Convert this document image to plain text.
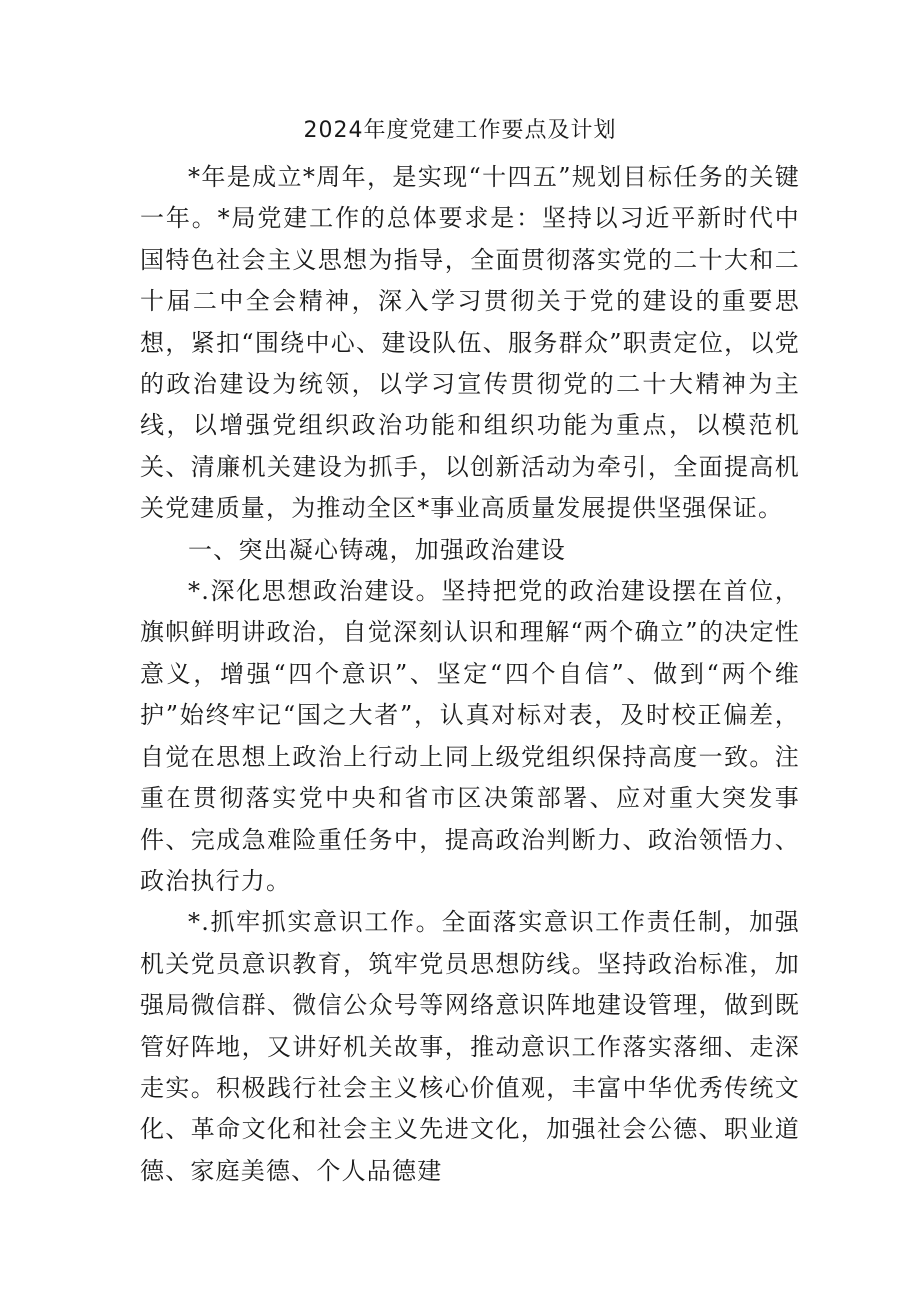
2024年度党建工作要点及计划

*年是成立*周年，是实现“十四五”规划目标任务的关键一年。*局党建工作的总体要求是：坚持以习近平新时代中国特色社会主义思想为指导，全面贯彻落实党的二十大和二十届二中全会精神，深入学习贯彻关于党的建设的重要思想，紧扣“围绕中心、建设队伍、服务群众”职责定位，以党的政治建设为统领，以学习宣传贯彻党的二十大精神为主线，以增强党组织政治功能和组织功能为重点，以模范机关、清廉机关建设为抓手，以创新活动为牵引，全面提高机关党建质量，为推动全区*事业高质量发展提供坚强保证。

一、突出凝心铸魂，加强政治建设

*.深化思想政治建设。坚持把党的政治建设摆在首位，旗帜鲜明讲政治，自觉深刻认识和理解“两个确立”的决定性意义，增强“四个意识”、坚定“四个自信”、做到“两个维护”始终牢记“国之大者”，认真对标对表，及时校正偏差，自觉在思想上政治上行动上同上级党组织保持高度一致。注重在贯彻落实党中央和省市区决策部署、应对重大突发事件、完成急难险重任务中，提高政治判断力、政治领悟力、政治执行力。

*.抓牢抓实意识工作。全面落实意识工作责任制，加强机关党员意识教育，筑牢党员思想防线。坚持政治标准，加强局微信群、微信公众号等网络意识阵地建设管理，做到既管好阵地，又讲好机关故事，推动意识工作落实落细、走深走实。积极践行社会主义核心价值观，丰富中华优秀传统文化、革命文化和社会主义先进文化，加强社会公德、职业道德、家庭美德、个人品德建
